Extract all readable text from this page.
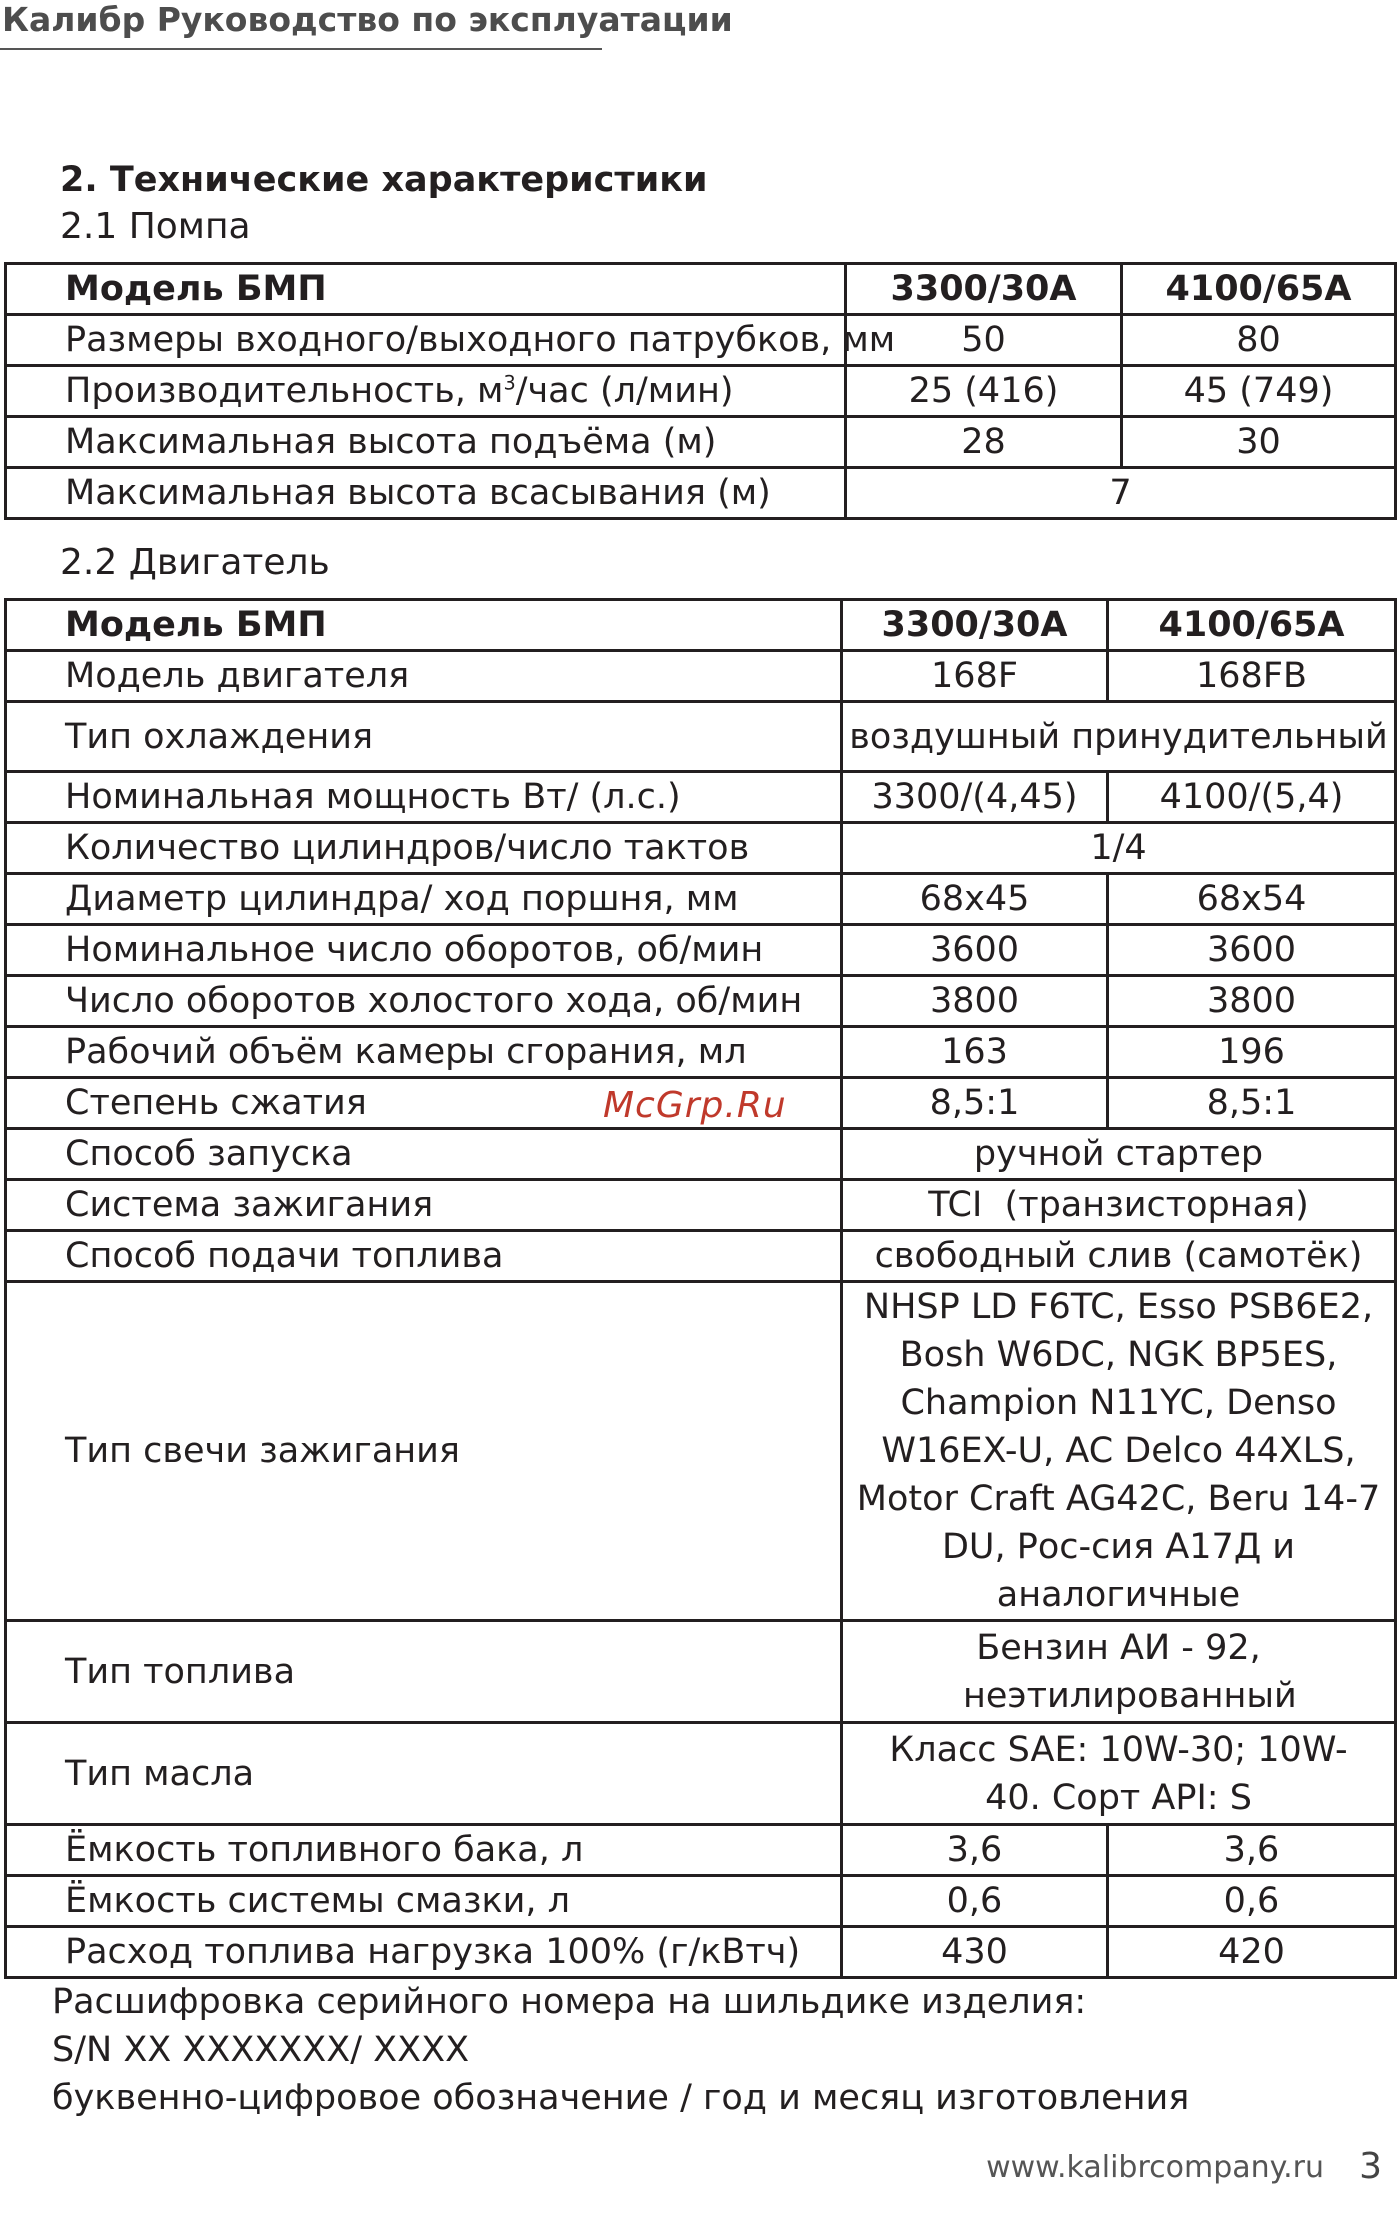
Калибр Руководство по эксплуатации
2. Технические характеристики
2.1 Помпа
Модель БМП	3300/30А	4100/65А
Размеры входного/выходного патрубков, мм	50	80
Производительность, $м^3$/час (л/мин)	25 (416)	45 (749)
Максимальная высота подъёма (м)	28	30
Максимальная высота всасывания (м)	7	
2.2 Двигатель
Модель БМП	3300/30А	4100/65А
Модель двигателя	168F	168FB
Тип охлаждения	воздушный принудительный	
Номинальная мощность Вт/ (л.с.)	3300/(4,45)	4100/(5,4)
Количество цилиндров/число тактов	1/4	
Диаметр цилиндра/ ход поршня, мм	68х45	68х54
Номинальное число оборотов, об/мин	3600	3600
Число оборотов холостого хода, об/мин	3800	3800
Рабочий объём камеры сгорания, мл	163	196
Степень сжатия	8,5:1	8,5:1
Способ запуска	ручной стартер	
Система зажигания	TCI  (транзисторная)	
Способ подачи топлива	свободный слив (самотёк)	
Тип свечи зажигания	NHSP LD F6TC, Esso PSB6E2, Bosh W6DC, NGK BP5ES, Champion N11YC, Denso W16EX-U, AC Delco 44XLS, Motor Craft AG42C, Beru 14-7 DU, Рос-сия А17Д и аналогичные	
Тип топлива	Бензин АИ - 92, неэтилированный	
Тип масла	Класс SAE: 10W-30; 10W-40. Сорт API: S	
Ёмкость топливного бака, л	3,6	3,6
Ёмкость системы смазки, л	0,6	0,6
Расход топлива нагрузка 100% (г/кВтч)	430	420
McGrp.Ru
Расшифровка серийного номера на шильдике изделия:
S/N XX XXXXXXX/ XXXX
буквенно-цифровое обозначение / год и месяц изготовления
www.kalibrcompany.ru 3
